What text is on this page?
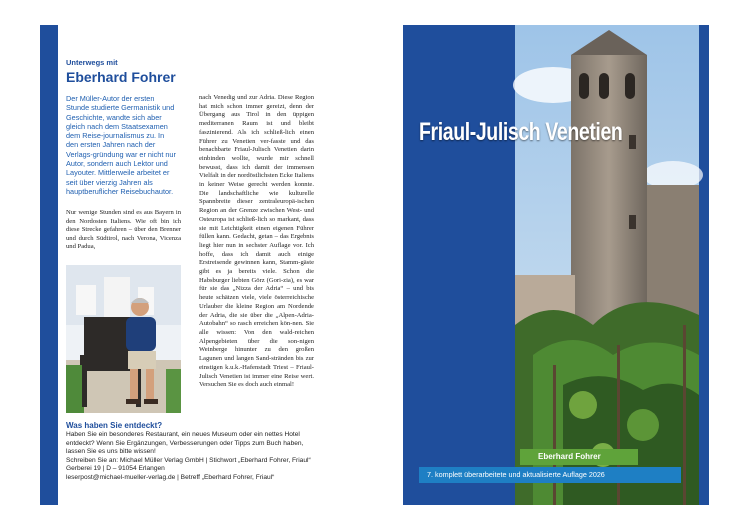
Unterwegs mit
Eberhard Fohrer
Der Müller-Autor der ersten Stunde studierte Germanistik und Geschichte, wandte sich aber gleich nach dem Staatsexamen dem Reise-journalismus zu. In den ersten Jahren nach der Verlags-gründung war er nicht nur Autor, sondern auch Lektor und Layouter. Mittlerweile arbeitet er seit über vierzig Jahren als hauptberuflicher Reisebuchautor.
Nur wenige Stunden sind es aus Bayern in den Nordosten Italiens. Wie oft bin ich diese Strecke gefahren – über den Brenner und durch Südtirol, nach Verona, Vicenza und Padua,
nach Venedig und zur Adria. Diese Region hat mich schon immer gereizt, denn der Übergang aus Tirol in den üppigen mediterranen Raum ist und bleibt faszinierend. Als ich schließ-lich einen Führer zu Venetien ver-fasste und das benachbarte Friaul-Julisch Venetien darin einbinden wollte, wurde mir schnell bewusst, dass ich damit der immensen Vielfalt in der nordöstlichsten Ecke Italiens in keiner Weise gerecht werden konnte. Die landschaftliche wie kulturelle Spannbreite dieser zentraleuropä-ischen Region an der Grenze zwischen West- und Osteuropa ist schließ-lich so markant, dass sie mit Leichtigkeit einen eigenen Führer füllen kann. Gedacht, getan – das Ergebnis liegt hier nun in sechster Auflage vor. Ich hoffe, dass ich damit auch einige Erstreisende gewinnen kann, Stamm-gäste gibt es ja bereits viele. Schon die Habsburger liebten Görz (Gori-zia), es war für sie das „Nizza der Adria“ – und bis heute schätzen viele, viele österreichische Urlauber die kleine Region am Nordende der Adria, die sie über die „Alpen-Adria-Autobahn“ so rasch erreichen kön-nen. Sie alle wissen: Von den wald-reichen Alpengebieten über die son-nigen Weinberge hinunter zu den großen Lagunen und langen Sand-stränden bis zur einstigen k.u.k.-Hafenstadt Triest – Friaul-Julisch Venetien ist immer eine Reise wert. Versuchen Sie es doch auch einmal!
Was haben Sie entdeckt?
Haben Sie ein besonderes Restaurant, ein neues Museum oder ein nettes Hotel
entdeckt? Wenn Sie Ergänzungen, Verbesserungen oder Tipps zum Buch haben,
lassen Sie es uns bitte wissen!
Schreiben Sie an: Michael Müller Verlag GmbH | Stichwort „Eberhard Fohrer, Friaul“
Gerberei 19 | D – 91054 Erlangen
leserpost@michael-mueller-verlag.de | Betreff „Eberhard Fohrer, Friaul“
Friaul-Julisch Venetien
Eberhard Fohrer
7. komplett überarbeitete und aktualisierte Auflage 2026
